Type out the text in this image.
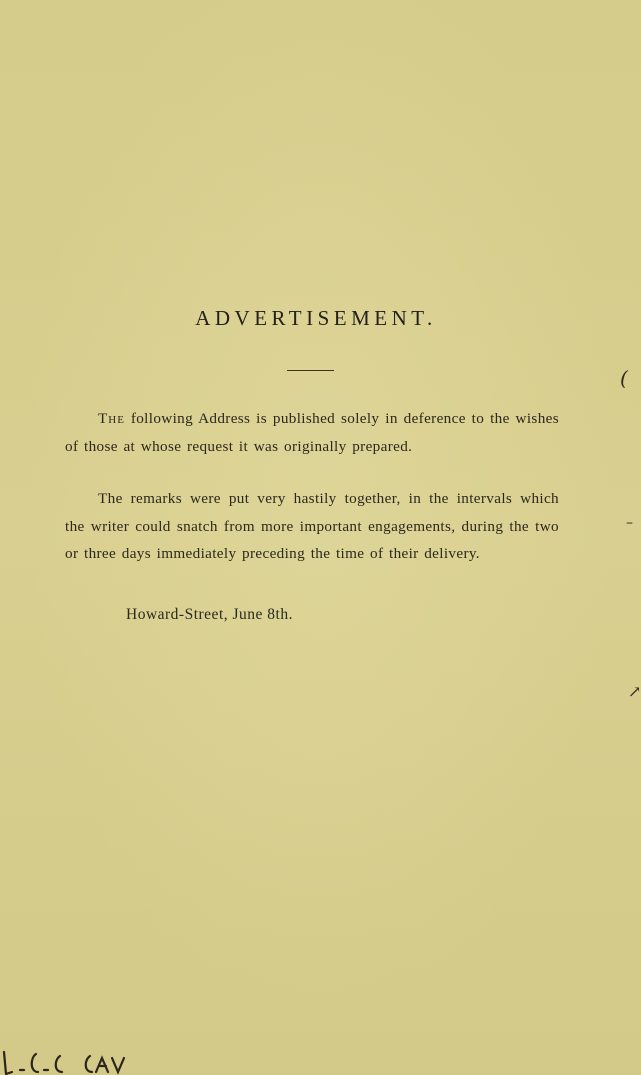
ADVERTISEMENT.

The following Address is published solely in deference to the wishes of those at whose request it was originally prepared.

The remarks were put very hastily together, in the intervals which the writer could snatch from more important engagements, during the two or three days immediately preceding the time of their delivery.

Howard-Street, June 8th.
(
–
↗
